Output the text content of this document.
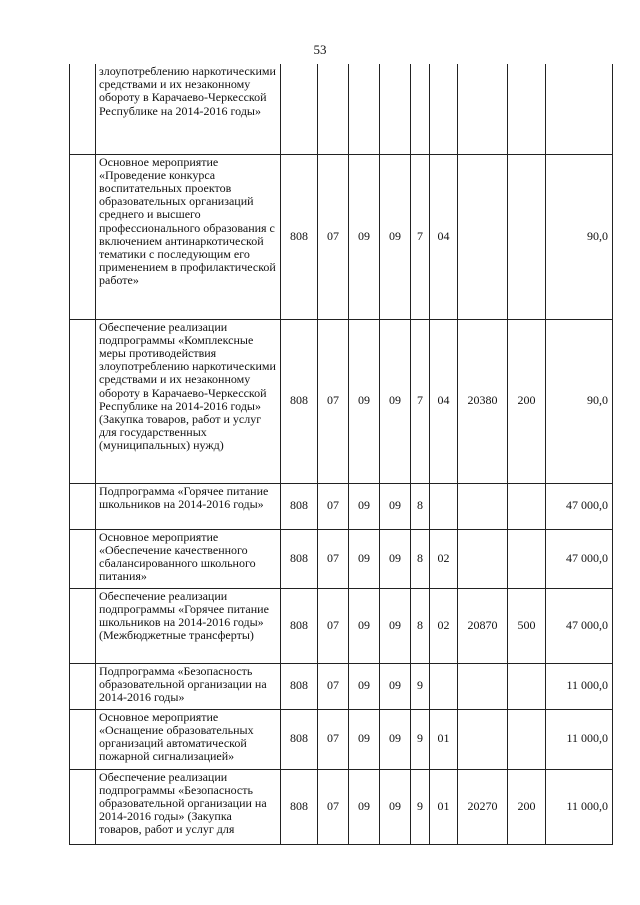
53
	злоупотреблению наркотическими средствами и их незаконному обороту в Карачаево-Черкесской Республике на 2014-2016 годы»									
	Основное мероприятие «Проведение конкурса воспитательных проектов образовательных организаций среднего и высшего профессионального образования с включением антинаркотической тематики с последующим его применением в профилактической работе»	808	07	09	09	7	04			90,0
	Обеспечение реализации подпрограммы «Комплексные меры противодействия злоупотреблению наркотическими средствами и их незаконному обороту в Карачаево-Черкесской Республике на 2014-2016 годы» (Закупка товаров, работ и услуг для государственных (муниципальных) нужд)	808	07	09	09	7	04	20380	200	90,0
	Подпрограмма «Горячее питание школьников на 2014-2016 годы»	808	07	09	09	8				47 000,0
	Основное мероприятие «Обеспечение качественного сбалансированного школьного питания»	808	07	09	09	8	02			47 000,0
	Обеспечение реализации подпрограммы «Горячее питание школьников на 2014-2016 годы» (Межбюджетные трансферты)	808	07	09	09	8	02	20870	500	47 000,0
	Подпрограмма «Безопасность образовательной организации на 2014-2016 годы»	808	07	09	09	9				11 000,0
	Основное мероприятие «Оснащение образовательных организаций автоматической пожарной сигнализацией»	808	07	09	09	9	01			11 000,0
	Обеспечение реализации подпрограммы «Безопасность образовательной организации на 2014-2016 годы» (Закупка товаров, работ и услуг для	808	07	09	09	9	01	20270	200	11 000,0
